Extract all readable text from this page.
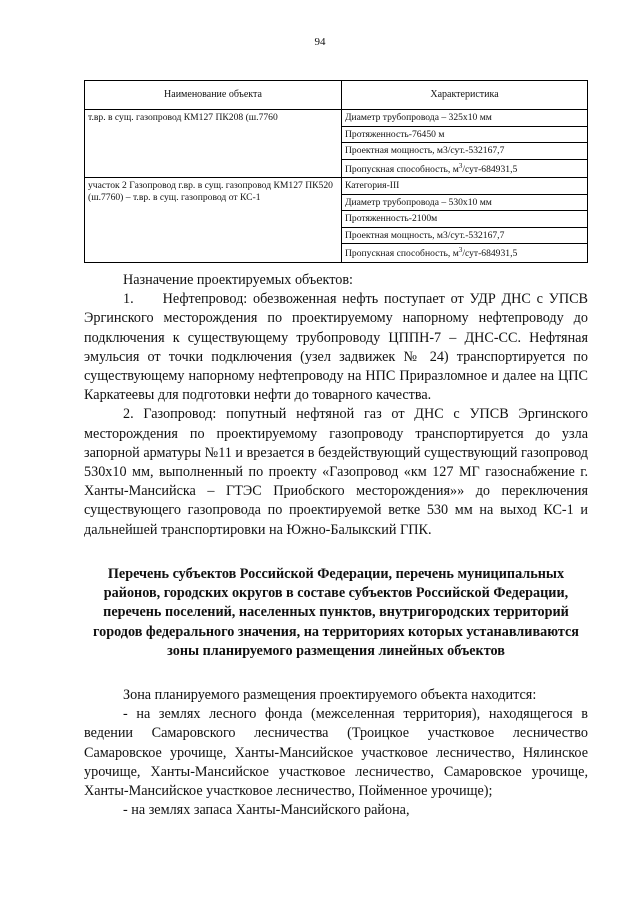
94
Наименование объекта	Характеристика
т.вр. в сущ. газопровод КМ127 ПК208 (ш.7760	Диаметр трубопровода – 325х10 мм
	Протяженность-76450 м
	Проектная мощность, м3/сут.-532167,7
	Пропускная способность, $м^3/сут-684931,5$
участок 2 Газопровод г.вр. в сущ. газопровод КМ127 ПК520 (ш.7760) – т.вр. в сущ. газопровод от КС-1	Категория-III
	Диаметр трубопровода – 530х10 мм
	Протяженность-2100м
	Проектная мощность, м3/сут.-532167,7
	Пропускная способность, $м^3/сут-684931,5$

Назначение проектируемых объектов:

1.     Нефтепровод: обезвоженная нефть поступает от УДР ДНС с УПСВ Эргинского месторождения по проектируемому напорному нефтепроводу до подключения к существующему трубопроводу ЦППН-7 – ДНС-СС. Нефтяная эмульсия от точки подключения (узел задвижек № 24) транспортируется по существующему напорному нефтепроводу на НПС Приразломное и далее на ЦПС Каркатеевы для подготовки нефти до товарного качества.

2. Газопровод: попутный нефтяной газ от ДНС с УПСВ Эргинского месторождения по проектируемому газопроводу транспортируется до узла запорной арматуры №11 и врезается в бездействующий существующий газопровод 530х10 мм, выполненный по проекту «Газопровод «км 127 МГ газоснабжение г. Ханты-Мансийска – ГТЭС Приобского месторождения»» до переключения существующего газопровода по проектируемой ветке 530 мм на выход КС-1 и дальнейшей транспортировки на Южно-Балыкский ГПК.

Перечень субъектов Российской Федерации, перечень муниципальных районов, городских округов в составе субъектов Российской Федерации, перечень поселений, населенных пунктов, внутригородских территорий городов федерального значения, на территориях которых устанавливаются зоны планируемого размещения линейных объектов

Зона планируемого размещения проектируемого объекта находится:

- на землях лесного фонда (межселенная территория), находящегося в ведении Самаровского лесничества (Троицкое участковое лесничество Самаровское урочище, Ханты-Мансийское участковое лесничество, Нялинское урочище, Ханты-Мансийское участковое лесничество, Самаровское урочище, Ханты-Мансийское участковое лесничество, Пойменное урочище);

- на землях запаса Ханты-Мансийского района,
